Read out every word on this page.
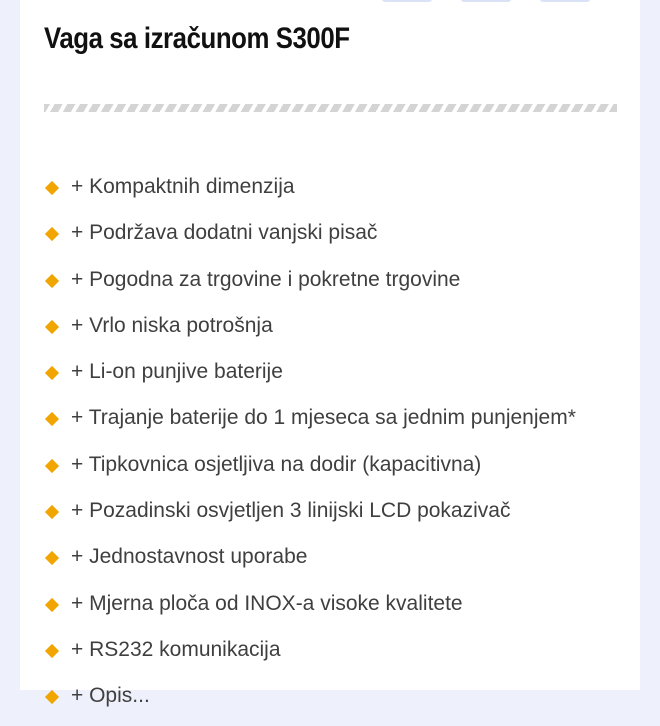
Vaga sa izračunom S300F
+ Kompaktnih dimenzija
+ Podržava dodatni vanjski pisač
+ Pogodna za trgovine i pokretne trgovine
+ Vrlo niska potrošnja
+ Li-on punjive baterije
+ Trajanje baterije do 1 mjeseca sa jednim punjenjem*
+ Tipkovnica osjetljiva na dodir (kapacitivna)
+ Pozadinski osvjetljen 3 linijski LCD pokazivač
+ Jednostavnost uporabe
+ Mjerna ploča od INOX-a visoke kvalitete
+ RS232 komunikacija
+ Opis...
